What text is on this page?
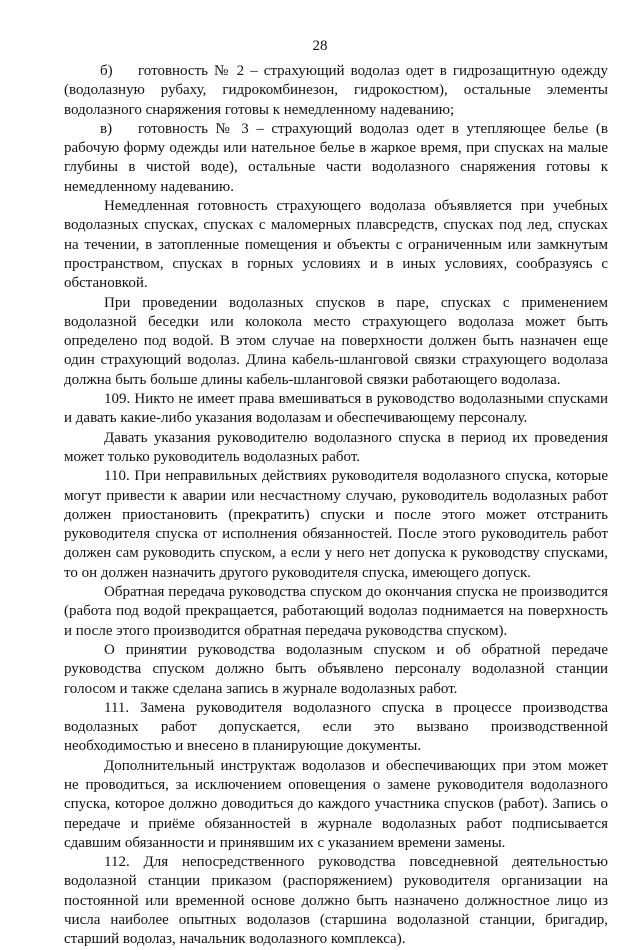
28

б) готовность № 2 – страхующий водолаз одет в гидрозащитную одежду (водолазную рубаху, гидрокомбинезон, гидрокостюм), остальные элементы водолазного снаряжения готовы к немедленному надеванию;

в) готовность № 3 – страхующий водолаз одет в утепляющее белье (в рабочую форму одежды или нательное белье в жаркое время, при спусках на малые глубины в чистой воде), остальные части водолазного снаряжения готовы к немедленному надеванию.

Немедленная готовность страхующего водолаза объявляется при учебных водолазных спусках, спусках с маломерных плавсредств, спусках под лед, спусках на течении, в затопленные помещения и объекты с ограниченным или замкнутым пространством, спусках в горных условиях и в иных условиях, сообразуясь с обстановкой.

При проведении водолазных спусков в паре, спусках с применением водолазной беседки или колокола место страхующего водолаза может быть определено под водой. В этом случае на поверхности должен быть назначен еще один страхующий водолаз. Длина кабель-шланговой связки страхующего водолаза должна быть больше длины кабель-шланговой связки работающего водолаза.

109. Никто не имеет права вмешиваться в руководство водолазными спусками и давать какие-либо указания водолазам и обеспечивающему персоналу.

Давать указания руководителю водолазного спуска в период их проведения может только руководитель водолазных работ.

110. При неправильных действиях руководителя водолазного спуска, которые могут привести к аварии или несчастному случаю, руководитель водолазных работ должен приостановить (прекратить) спуски и после этого может отстранить руководителя спуска от исполнения обязанностей. После этого руководитель работ должен сам руководить спуском, а если у него нет допуска к руководству спусками, то он должен назначить другого руководителя спуска, имеющего допуск.

Обратная передача руководства спуском до окончания спуска не производится (работа под водой прекращается, работающий водолаз поднимается на поверхность и после этого производится обратная передача руководства спуском).

О принятии руководства водолазным спуском и об обратной передаче руководства спуском должно быть объявлено персоналу водолазной станции голосом и также сделана запись в журнале водолазных работ.

111. Замена руководителя водолазного спуска в процессе производства водолазных работ допускается, если это вызвано производственной необходимостью и внесено в планирующие документы.

Дополнительный инструктаж водолазов и обеспечивающих при этом может не проводиться, за исключением оповещения о замене руководителя водолазного спуска, которое должно доводиться до каждого участника спусков (работ). Запись о передаче и приёме обязанностей в журнале водолазных работ подписывается сдавшим обязанности и принявшим их с указанием времени замены.

112. Для непосредственного руководства повседневной деятельностью водолазной станции приказом (распоряжением) руководителя организации на постоянной или временной основе должно быть назначено должностное лицо из числа наиболее опытных водолазов (старшина водолазной станции, бригадир, старший водолаз, начальник водолазного комплекса).
